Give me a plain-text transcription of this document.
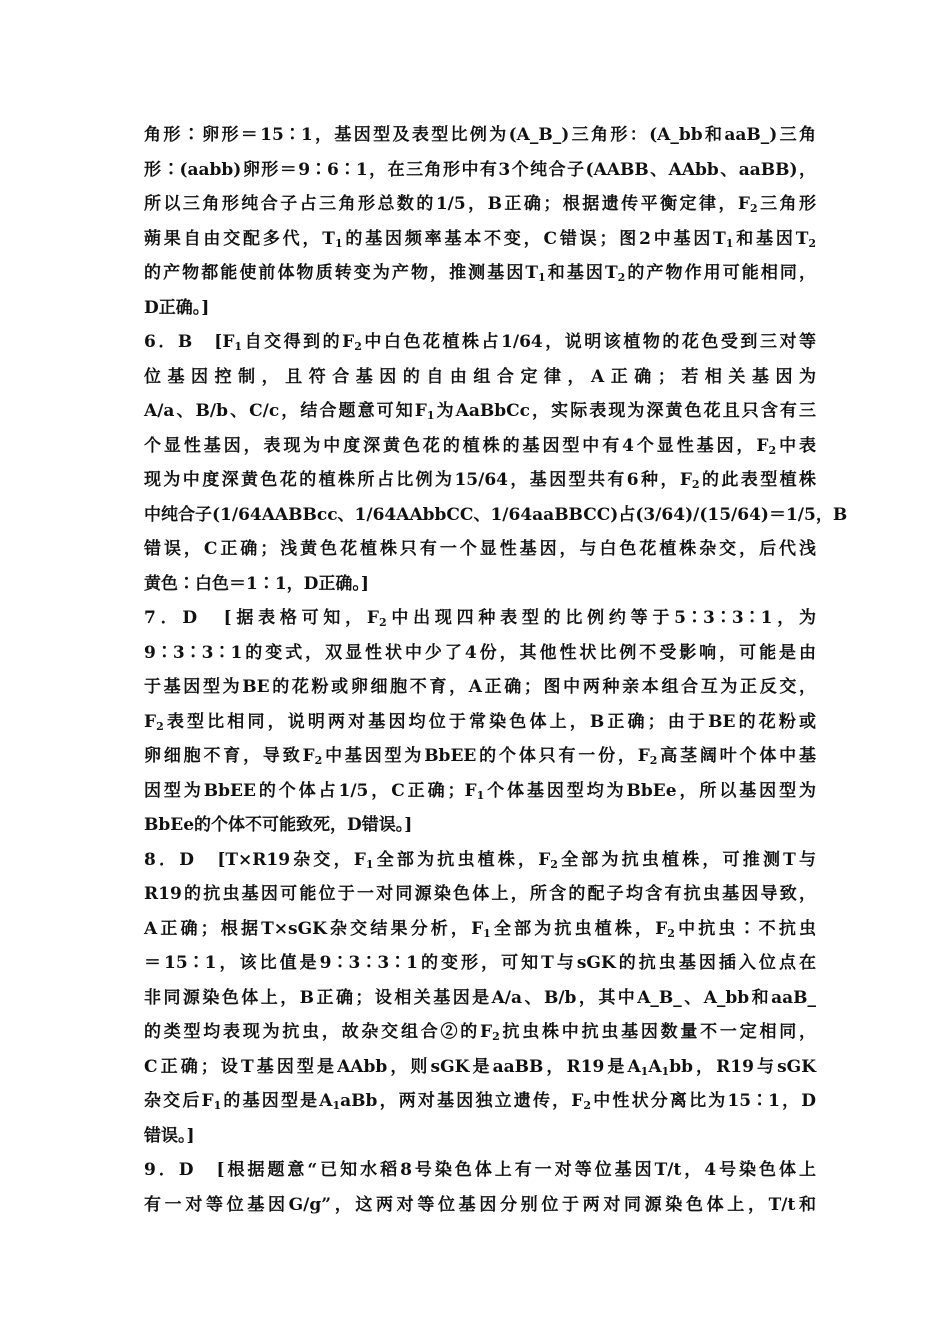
角形∶卵形＝15∶1，基因型及表型比例为(A_B_)三角形：(A_bb和aaB_)三角
形∶(aabb)卵形＝9∶6∶1，在三角形中有3个纯合子(AABB、AAbb、aaBB)，
所以三角形纯合子占三角形总数的1/5，B正确；根据遗传平衡定律，$F_2$三角形
蒴果自由交配多代，$T_1$的基因频率基本不变，C错误；图2中基因$T_1$和基因$T_2$
的产物都能使前体物质转变为产物，推测基因$T_1$和基因$T_2$的产物作用可能相同，
D正确。]
6．B　[$F_1$自交得到的$F_2$中白色花植株占1/64，说明该植物的花色受到三对等
位基因控制，且符合基因的自由组合定律，A正确；若相关基因为
A/a、B/b、C/c，结合题意可知$F_1$为AaBbCc，实际表现为深黄色花且只含有三
个显性基因，表现为中度深黄色花的植株的基因型中有4个显性基因，$F_2$中表
现为中度深黄色花的植株所占比例为15/64，基因型共有6种，$F_2$的此表型植株
中纯合子(1/64AABBcc、1/64AAbbCC、1/64aaBBCC)占(3/64)/(15/64)＝1/5，B
错误，C正确；浅黄色花植株只有一个显性基因，与白色花植株杂交，后代浅
黄色∶白色＝1∶1，D正确。]
7．D　[据表格可知，$F_2$中出现四种表型的比例约等于5∶3∶3∶1，为
9∶3∶3∶1的变式，双显性状中少了4份，其他性状比例不受影响，可能是由
于基因型为BE的花粉或卵细胞不育，A正确；图中两种亲本组合互为正反交，
$F_2$表型比相同，说明两对基因均位于常染色体上，B正确；由于BE的花粉或
卵细胞不育，导致$F_2$中基因型为BbEE的个体只有一份，$F_2$高茎阔叶个体中基
因型为BbEE的个体占1/5，C正确；$F_1$个体基因型均为BbEe，所以基因型为
BbEe的个体不可能致死，D错误。]
8．D　[T×R19杂交，$F_1$全部为抗虫植株，$F_2$全部为抗虫植株，可推测T与
R19的抗虫基因可能位于一对同源染色体上，所含的配子均含有抗虫基因导致，
A正确；根据T×sGK杂交结果分析，$F_1$全部为抗虫植株，$F_2$中抗虫∶不抗虫
＝15∶1，该比值是9∶3∶3∶1的变形，可知T与sGK的抗虫基因插入位点在
非同源染色体上，B正确；设相关基因是A/a、B/b，其中A_B_、A_bb和aaB_
的类型均表现为抗虫，故杂交组合②的$F_2$抗虫株中抗虫基因数量不一定相同，
C正确；设T基因型是AAbb，则sGK是aaBB，R19是$A_1A_1bb$，R19与sGK
杂交后$F_1$的基因型是$A_1aBb$，两对基因独立遗传，$F_2$中性状分离比为15∶1，D
错误。]
9．D　[根据题意“已知水稻8号染色体上有一对等位基因T/t，4号染色体上
有一对等位基因G/g”，这两对等位基因分别位于两对同源染色体上，T/t和
